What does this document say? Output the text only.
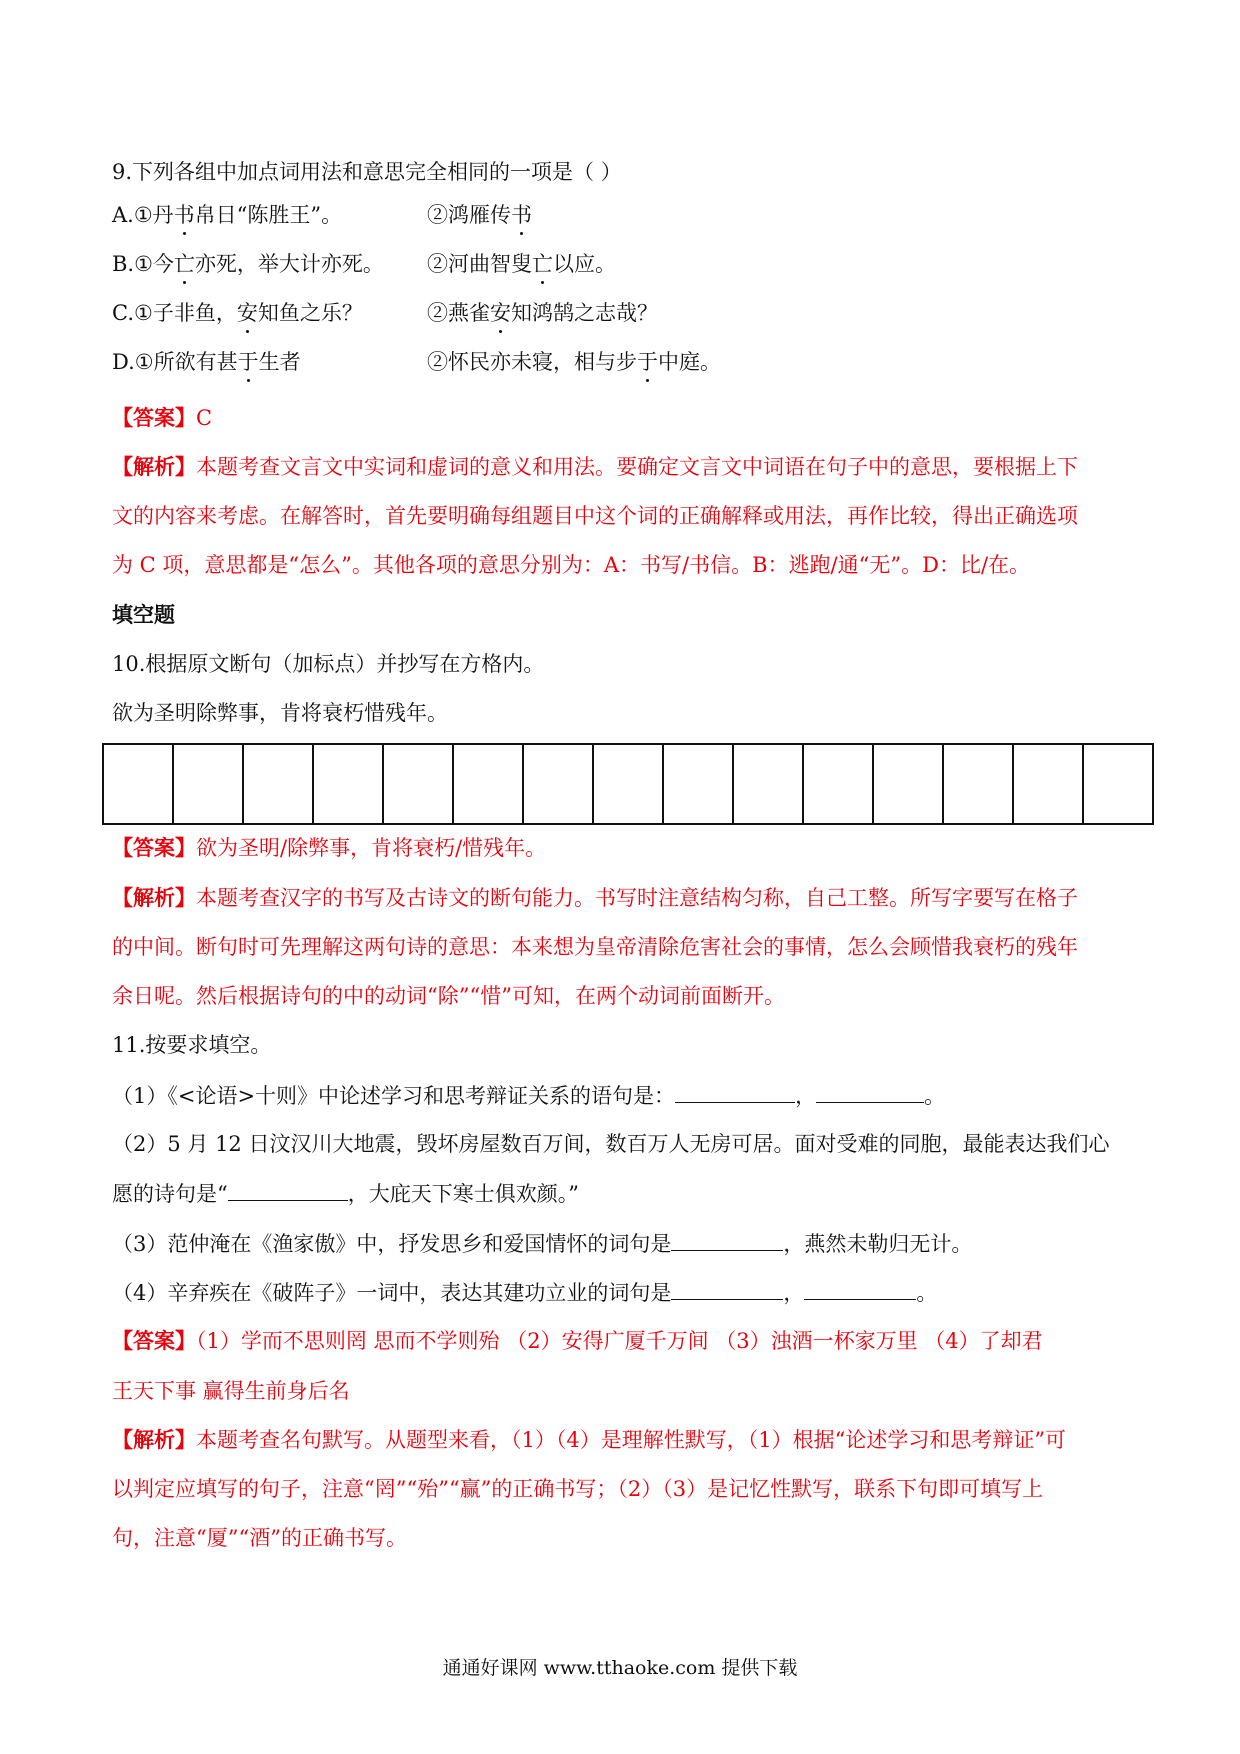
9.下列各组中加点词用法和意思完全相同的一项是（ ）
A.①丹书帛日“陈胜王”。	②鸿雁传书
B.①今亡亦死，举大计亦死。 ②河曲智叟亡以应。
C.①子非鱼，安知鱼之乐？	②燕雀安知鸿鹄之志哉？
D.①所欲有甚于生者	②怀民亦未寝，相与步于中庭。
【答案】C
【解析】本题考查文言文中实词和虚词的意义和用法。要确定文言文中词语在句子中的意思，要根据上下
文的内容来考虑。在解答时，首先要明确每组题目中这个词的正确解释或用法，再作比较，得出正确选项
为 C 项，意思都是“怎么”。其他各项的意思分别为：A：书写/书信。B：逃跑/通“无”。D：比/在。
填空题
10.根据原文断句（加标点）并抄写在方格内。
欲为圣明除弊事，肯将衰朽惜残年。
【答案】欲为圣明/除弊事，肯将衰朽/惜残年。
【解析】本题考查汉字的书写及古诗文的断句能力。书写时注意结构匀称，自己工整。所写字要写在格子
的中间。断句时可先理解这两句诗的意思：本来想为皇帝清除危害社会的事情，怎么会顾惜我衰朽的残年
余日呢。然后根据诗句的中的动词“除”“惜”可知，在两个动词前面断开。
11.按要求填空。
（1）《<论语>十则》中论述学习和思考辩证关系的语句是：	，	。
（2）5 月 12 日汶汉川大地震，毁坏房屋数百万间，数百万人无房可居。面对受难的同胞，最能表达我们心
愿的诗句是“	，大庇天下寒士俱欢颜。”
（3）范仲淹在《渔家傲》中，抒发思乡和爱国情怀的词句是	，燕然未勒归无计。
（4）辛弃疾在《破阵子》一词中，表达其建功立业的词句是	，	。
【答案】（1）学而不思则罔 思而不学则殆 （2）安得广厦千万间 （3）浊酒一杯家万里 （4）了却君
王天下事 赢得生前身后名
【解析】本题考查名句默写。从题型来看，（1）（4）是理解性默写，（1）根据“论述学习和思考辩证”可
以判定应填写的句子，注意“罔”“殆”“赢”的正确书写；（2）（3）是记忆性默写，联系下句即可填写上
句，注意“厦”“酒”的正确书写。
通通好课网 www.tthaoke.com 提供下载
